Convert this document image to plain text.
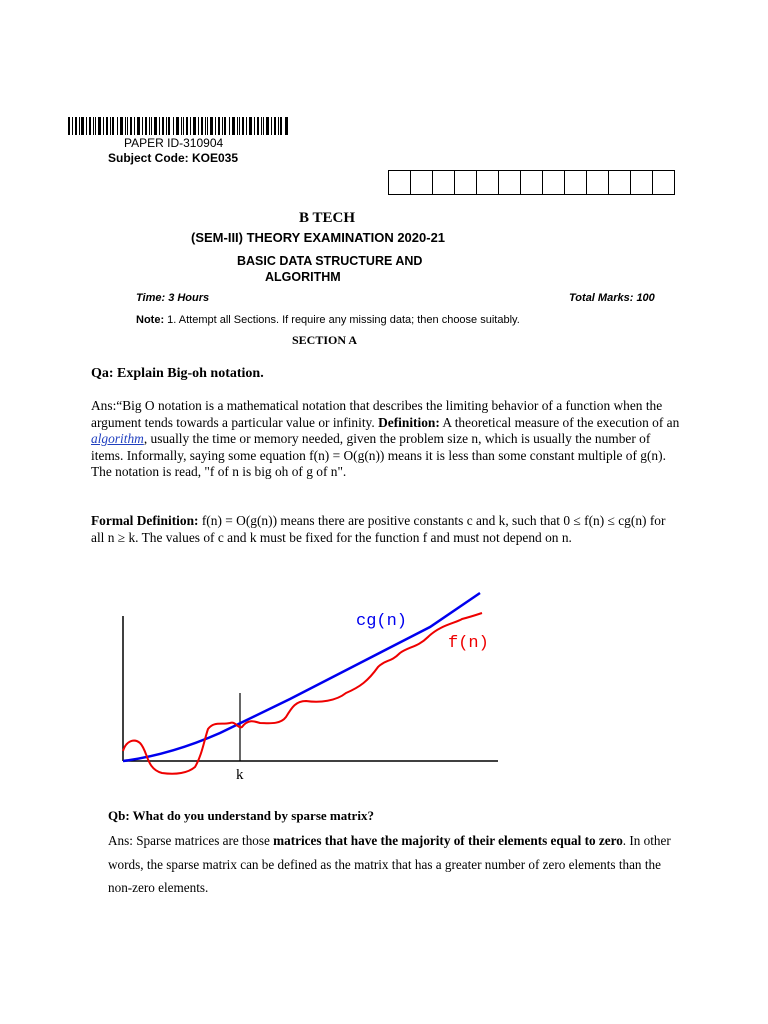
PAPER ID-310904
Subject Code: KOE035
B TECH
(SEM-III) THEORY EXAMINATION 2020-21
BASIC DATA STRUCTURE AND
ALGORITHM
Time: 3 Hours	Total Marks: 100
Note: 1. Attempt all Sections. If require any missing data; then choose suitably.
SECTION A
Qa: Explain Big-oh notation.
Ans:“Big O notation is a mathematical notation that describes the limiting behavior of a function when the argument tends towards a particular value or infinity. Definition: A theoretical measure of the execution of an algorithm, usually the time or memory needed, given the problem size n, which is usually the number of items. Informally, saying some equation f(n) = O(g(n)) means it is less than some constant multiple of g(n). The notation is read, "f of n is big oh of g of n".
Formal Definition: f(n) = O(g(n)) means there are positive constants c and k, such that 0 ≤ f(n) ≤ cg(n) for all n ≥ k. The values of c and k must be fixed for the function f and must not depend on n.
cg(n)
f(n)
k
Qb: What do you understand by sparse matrix?
Ans: Sparse matrices are those matrices that have the majority of their elements equal to zero. In other words, the sparse matrix can be defined as the matrix that has a greater number of zero elements than the non-zero elements.
